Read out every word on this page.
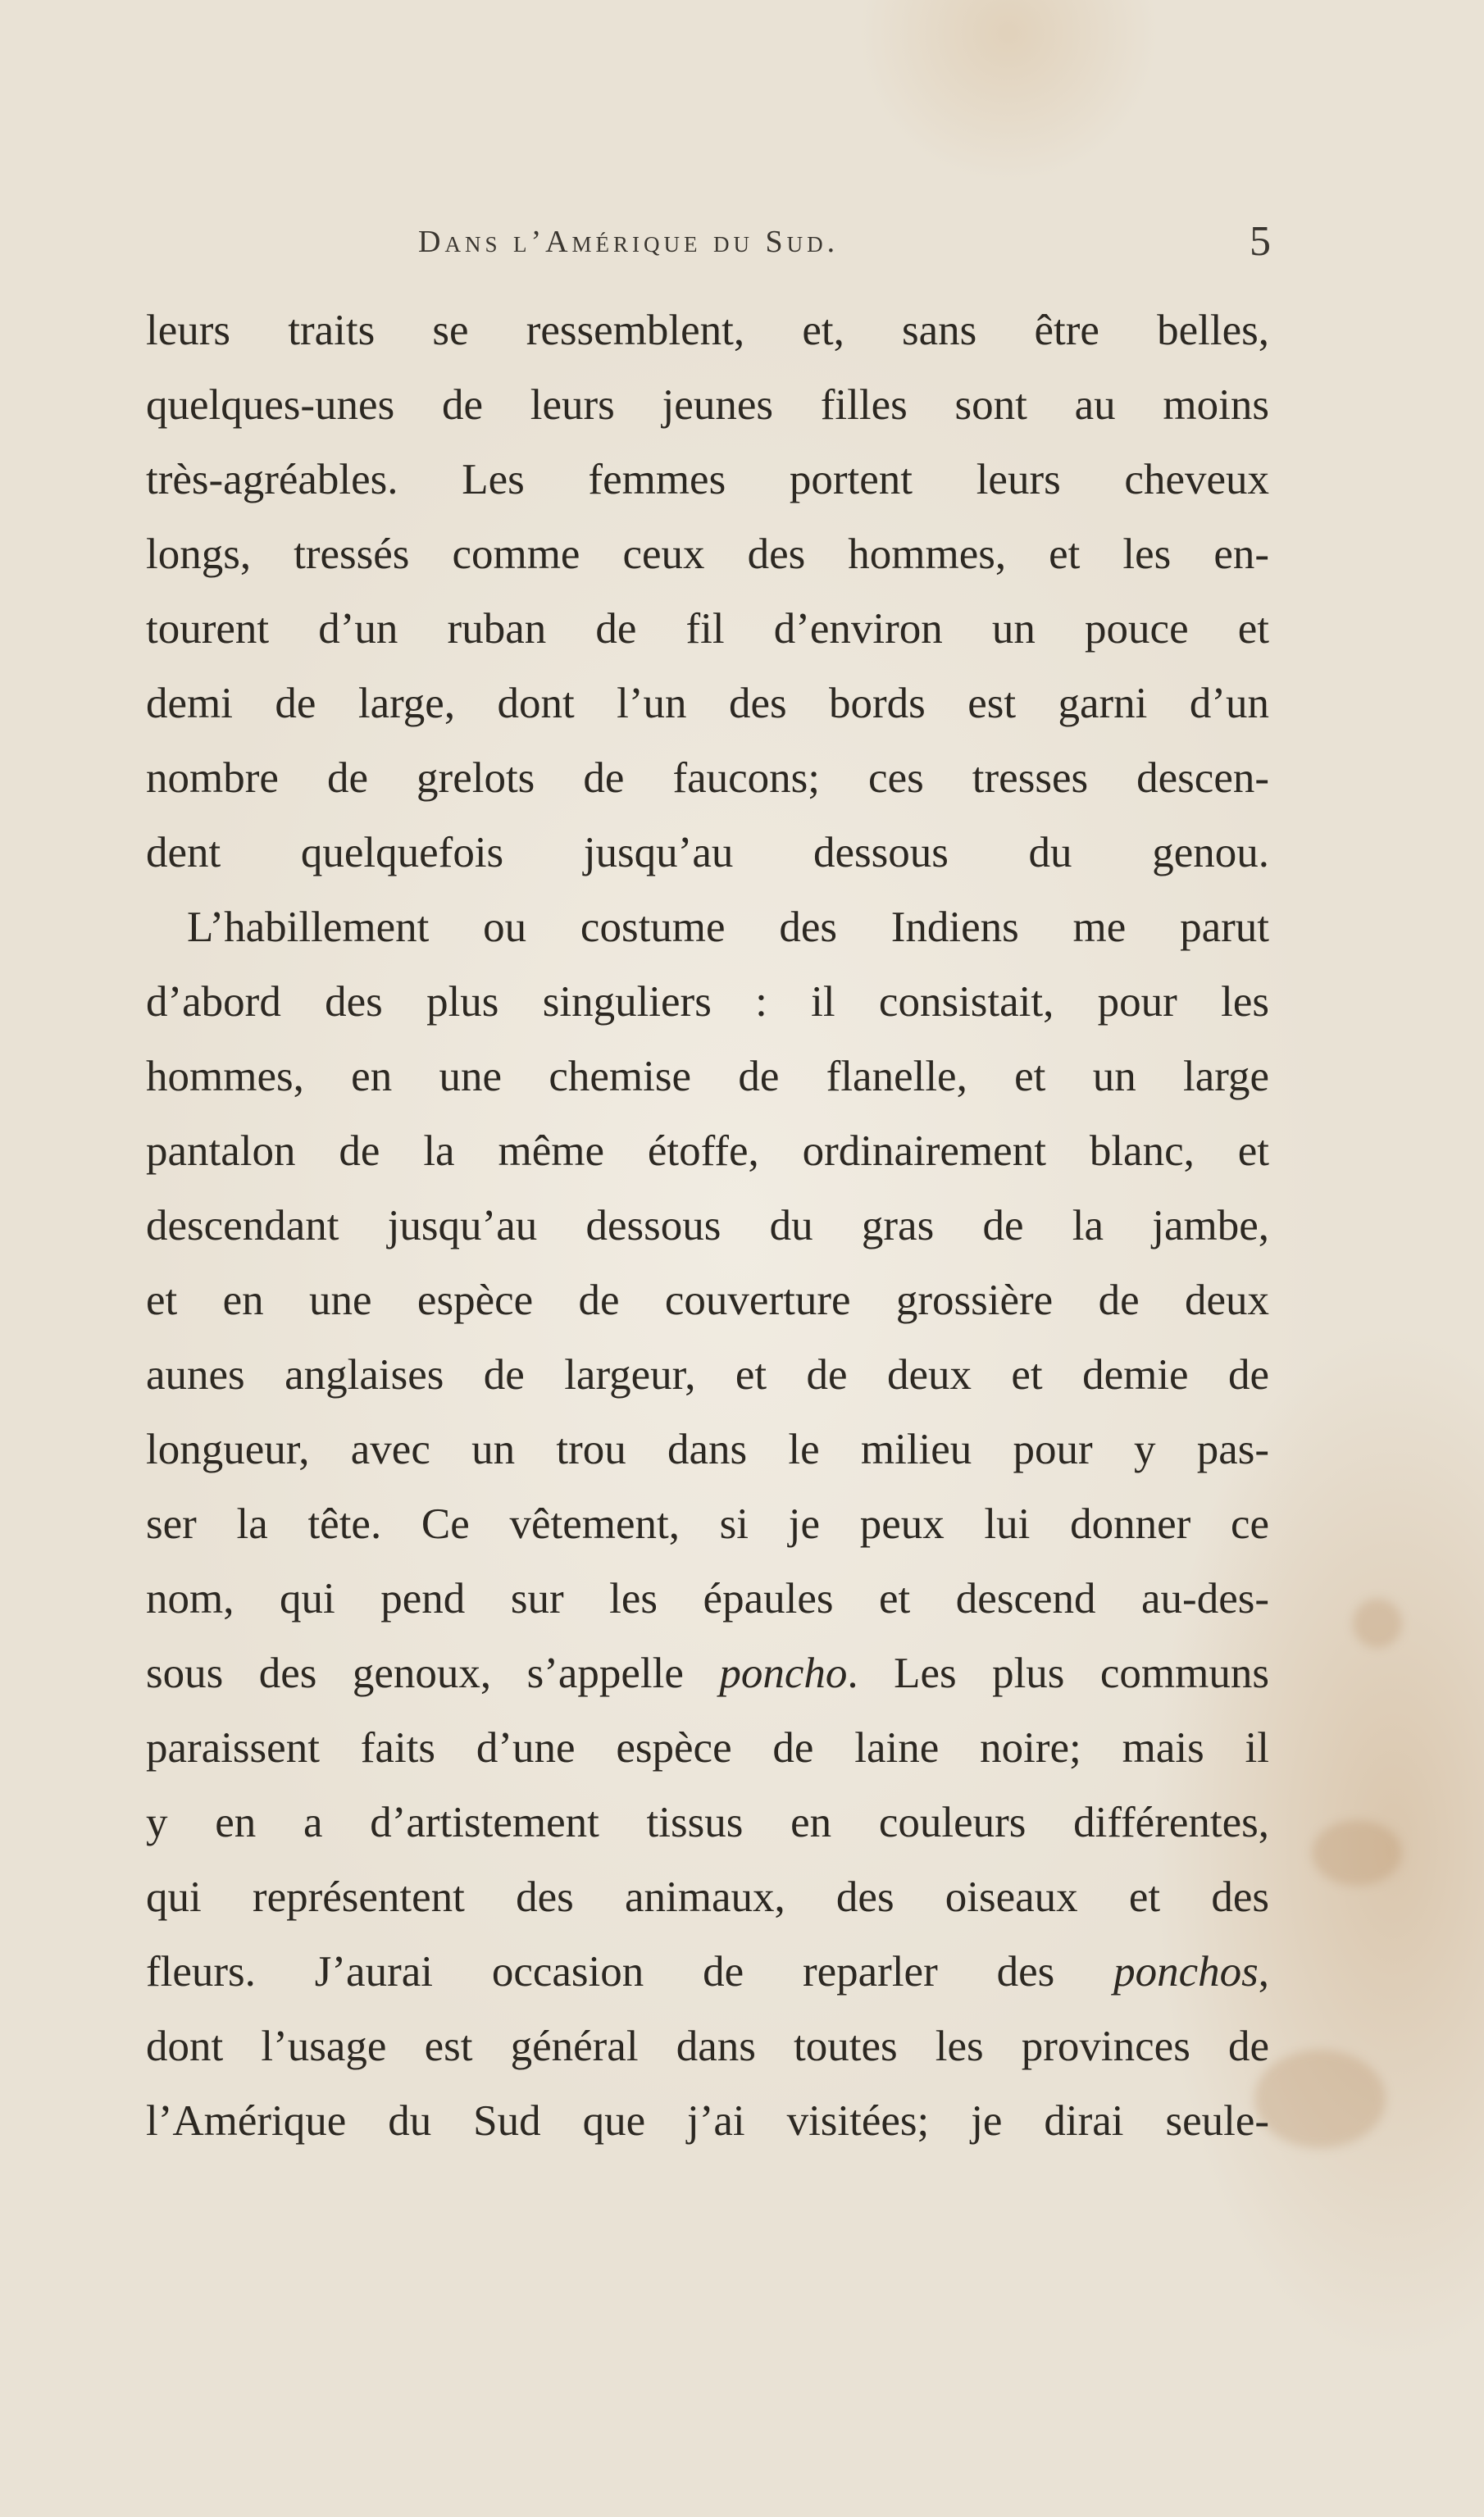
Dans l’Amérique du Sud.	5
leurs traits se ressemblent, et, sans être belles,
quelques-unes de leurs jeunes filles sont au moins
très-agréables. Les femmes portent leurs cheveux
longs, tressés comme ceux des hommes, et les en-
tourent d’un ruban de fil d’environ un pouce et
demi de large, dont l’un des bords est garni d’un
nombre de grelots de faucons; ces tresses descen-
dent quelquefois jusqu’au dessous du genou.
L’habillement ou costume des Indiens me parut
d’abord des plus singuliers : il consistait, pour les
hommes, en une chemise de flanelle, et un large
pantalon de la même étoffe, ordinairement blanc, et
descendant jusqu’au dessous du gras de la jambe,
et en une espèce de couverture grossière de deux
aunes anglaises de largeur, et de deux et demie de
longueur, avec un trou dans le milieu pour y pas-
ser la tête. Ce vêtement, si je peux lui donner ce
nom, qui pend sur les épaules et descend au-des-
sous des genoux, s’appelle poncho. Les plus communs
paraissent faits d’une espèce de laine noire; mais il
y en a d’artistement tissus en couleurs différentes,
qui représentent des animaux, des oiseaux et des
fleurs. J’aurai occasion de reparler des ponchos,
dont l’usage est général dans toutes les provinces de
l’Amérique du Sud que j’ai visitées; je dirai seule-
